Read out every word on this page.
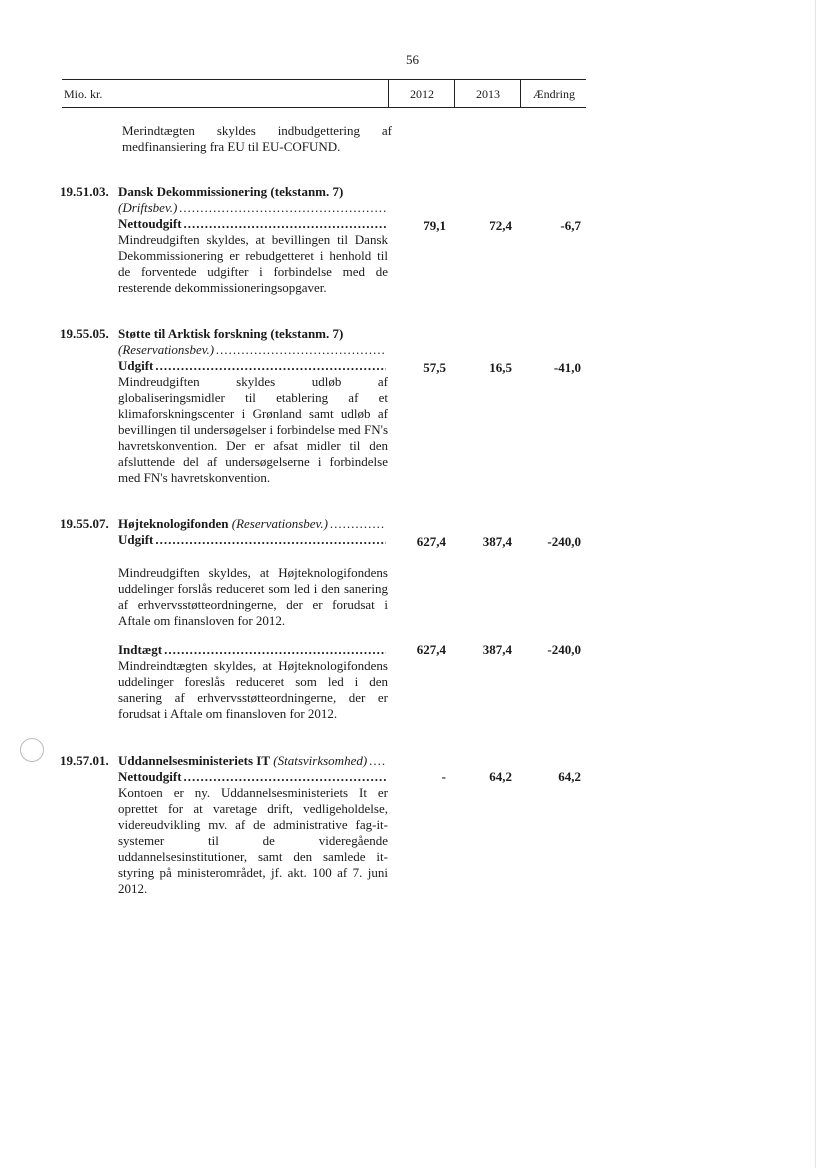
56
Mio. kr.	2012	2013	Ændring
Merindtægten skyldes indbudgettering af medfinansiering fra EU til EU-COFUND.
19.51.03. Dansk Dekommissionering (tekstanm. 7)
(Driftsbev.)
.....
Nettoudgift .....	79,1	72,4	-6,7
Mindreudgiften skyldes, at bevillingen til Dansk Dekommissionering er rebudgetteret i henhold til de forventede udgifter i forbindelse med de resterende dekommissioneringsopgaver.
19.55.05. Støtte til Arktisk forskning (tekstanm. 7)
(Reservationsbev.)
.....
Udgift .....	57,5	16,5	-41,0
Mindreudgiften skyldes udløb af globaliseringsmidler til etablering af et klimaforskningscenter i Grønland samt udløb af bevillingen til undersøgelser i forbindelse med FN's havretskonvention. Der er afsat midler til den afsluttende del af undersøgelserne i forbindelse med FN's havretskonvention.
19.55.07. Højteknologifonden
(Reservationsbev.)
.....
Udgift .....	627,4	387,4	-240,0
Mindreudgiften skyldes, at Højteknologifondens uddelinger forslås reduceret som led i den sanering af erhvervsstøtteordningerne, der er forudsat i Aftale om finansloven for 2012.
Indtægt .....	627,4	387,4	-240,0
Mindreindtægten skyldes, at Højteknologifondens uddelinger foreslås reduceret som led i den sanering af erhvervsstøtteordningerne, der er forudsat i Aftale om finansloven for 2012.
19.57.01. Uddannelsesministeriets IT
(Statsvirksomhed)
.....
Nettoudgift .....	-	64,2	64,2
Kontoen er ny. Uddannelsesministeriets It er oprettet for at varetage drift, vedligeholdelse, videreudvikling mv. af de administrative fag-it-systemer til de videregående uddannelsesinstitutioner, samt den samlede it-styring på ministerområdet, jf. akt. 100 af 7. juni 2012.
